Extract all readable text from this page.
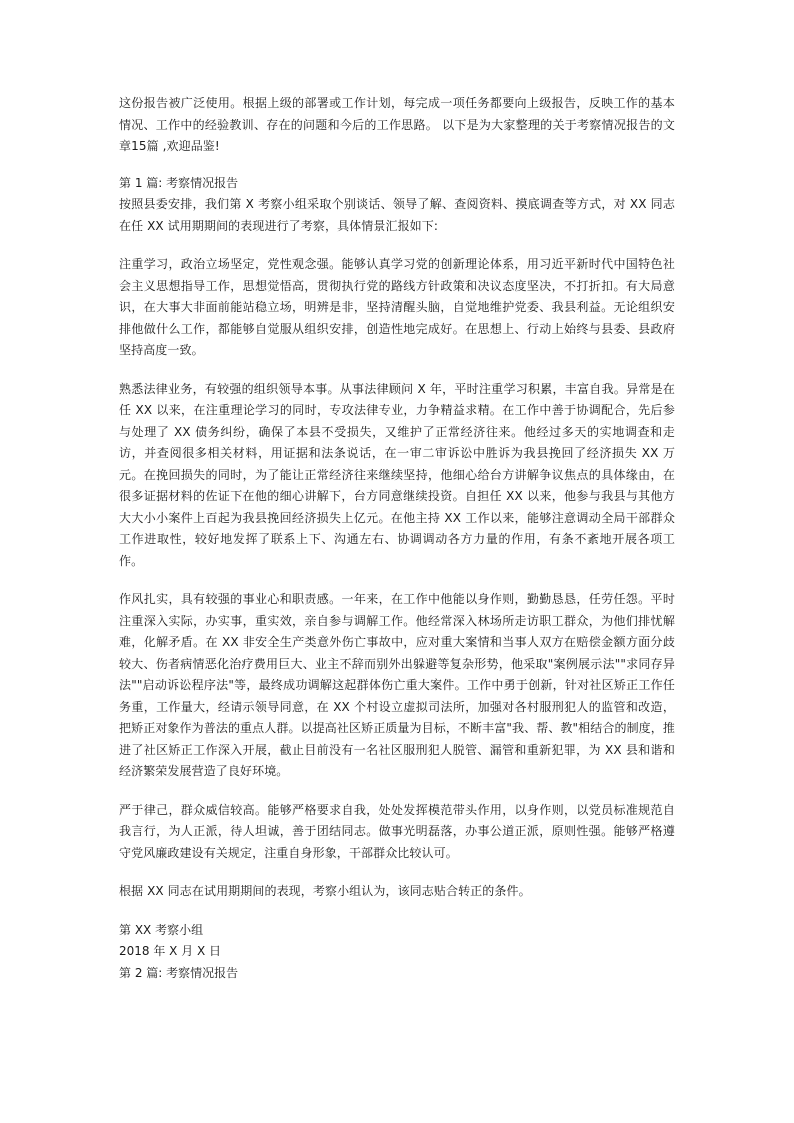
这份报告被广泛使用。根据上级的部署或工作计划，每完成一项任务都要向上级报告，反映工作的基本情况、工作中的经验教训、存在的问题和今后的工作思路。 以下是为大家整理的关于考察情况报告的文章15篇 ,欢迎品鉴!

第 1 篇: 考察情况报告

按照县委安排，我们第 X 考察小组采取个别谈话、领导了解、查阅资料、摸底调查等方式，对 XX 同志在任 XX 试用期期间的表现进行了考察，具体情景汇报如下:

注重学习，政治立场坚定，党性观念强。能够认真学习党的创新理论体系，用习近平新时代中国特色社会主义思想指导工作，思想觉悟高，贯彻执行党的路线方针政策和决议态度坚决，不打折扣。有大局意识，在大事大非面前能站稳立场，明辨是非，坚持清醒头脑，自觉地维护党委、我县利益。无论组织安排他做什么工作，都能够自觉服从组织安排，创造性地完成好。在思想上、行动上始终与县委、县政府坚持高度一致。

熟悉法律业务，有较强的组织领导本事。从事法律顾问 X 年，平时注重学习积累，丰富自我。异常是在任 XX 以来，在注重理论学习的同时，专攻法律专业，力争精益求精。在工作中善于协调配合，先后参与处理了 XX 债务纠纷，确保了本县不受损失，又维护了正常经济往来。他经过多天的实地调查和走访，并查阅很多相关材料，用证据和法条说话，在一审二审诉讼中胜诉为我县挽回了经济损失 XX 万元。在挽回损失的同时，为了能让正常经济往来继续坚持，他细心给台方讲解争议焦点的具体缘由，在很多证据材料的佐证下在他的细心讲解下，台方同意继续投资。自担任 XX 以来，他参与我县与其他方大大小小案件上百起为我县挽回经济损失上亿元。在他主持 XX 工作以来，能够注意调动全局干部群众工作进取性，较好地发挥了联系上下、沟通左右、协调调动各方力量的作用，有条不紊地开展各项工作。

作风扎实，具有较强的事业心和职责感。一年来，在工作中他能以身作则，勤勤恳恳，任劳任怨。平时注重深入实际，办实事，重实效，亲自参与调解工作。他经常深入林场所走访职工群众，为他们排忧解难，化解矛盾。在 XX 非安全生产类意外伤亡事故中，应对重大案情和当事人双方在赔偿金额方面分歧较大、伤者病情恶化治疗费用巨大、业主不辞而别外出躲避等复杂形势，他采取"案例展示法""求同存异法""启动诉讼程序法"等，最终成功调解这起群体伤亡重大案件。工作中勇于创新，针对社区矫正工作任务重，工作量大，经请示领导同意，在 XX 个村设立虚拟司法所，加强对各村服刑犯人的监管和改造，把矫正对象作为普法的重点人群。以提高社区矫正质量为目标，不断丰富"我、帮、教"相结合的制度，推进了社区矫正工作深入开展，截止目前没有一名社区服刑犯人脱管、漏管和重新犯罪，为 XX 县和谐和经济繁荣发展营造了良好环境。

严于律己，群众威信较高。能够严格要求自我，处处发挥模范带头作用，以身作则，以党员标准规范自我言行，为人正派，待人坦诚，善于团结同志。做事光明磊落，办事公道正派，原则性强。能够严格遵守党风廉政建设有关规定，注重自身形象，干部群众比较认可。

根据 XX 同志在试用期期间的表现，考察小组认为，该同志贴合转正的条件。

第 XX 考察小组

2018 年 X 月 X 日

第 2 篇: 考察情况报告
